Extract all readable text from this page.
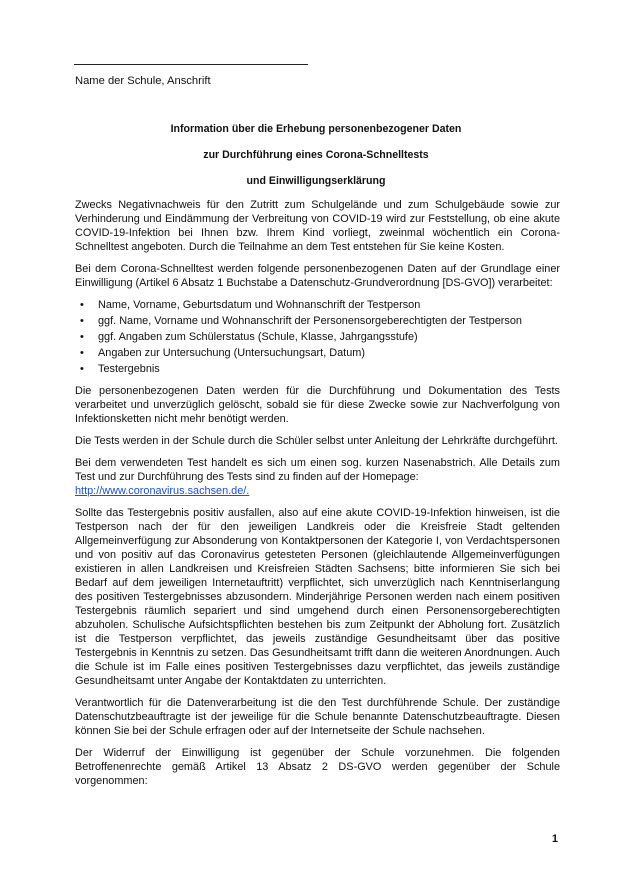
Name der Schule, Anschrift
Information über die Erhebung personenbezogener Daten
zur Durchführung eines Corona-Schnelltests
und Einwilligungserklärung

Zwecks Negativnachweis für den Zutritt zum Schulgelände und zum Schulgebäude sowie zur Verhinderung und Eindämmung der Verbreitung von COVID-19 wird zur Feststellung, ob eine akute COVID-19-Infektion bei Ihnen bzw. Ihrem Kind vorliegt, zweinmal wöchentlich ein Corona-Schnelltest angeboten. Durch die Teilnahme an dem Test entstehen für Sie keine Kosten.

Bei dem Corona-Schnelltest werden folgende personenbezogenen Daten auf der Grundlage einer Einwilligung (Artikel 6 Absatz 1 Buchstabe a Datenschutz-Grundverordnung [DS-GVO]) verarbeitet:

• Name, Vorname, Geburtsdatum und Wohnanschrift der Testperson
• ggf. Name, Vorname und Wohnanschrift der Personensorgeberechtigten der Testperson
• ggf. Angaben zum Schülerstatus (Schule, Klasse, Jahrgangsstufe)
• Angaben zur Untersuchung (Untersuchungsart, Datum)
• Testergebnis

Die personenbezogenen Daten werden für die Durchführung und Dokumentation des Tests verarbeitet und unverzüglich gelöscht, sobald sie für diese Zwecke sowie zur Nachverfolgung von Infektionsketten nicht mehr benötigt werden.

Die Tests werden in der Schule durch die Schüler selbst unter Anleitung der Lehrkräfte durchgeführt.

Bei dem verwendeten Test handelt es sich um einen sog. kurzen Nasenabstrich. Alle Details zum Test und zur Durchführung des Tests sind zu finden auf der Homepage:
http://www.coronavirus.sachsen.de/.

Sollte das Testergebnis positiv ausfallen, also auf eine akute COVID-19-Infektion hinweisen, ist die Testperson nach der für den jeweiligen Landkreis oder die Kreisfreie Stadt geltenden Allgemeinverfügung zur Absonderung von Kontaktpersonen der Kategorie I, von Verdachtspersonen und von positiv auf das Coronavirus getesteten Personen (gleichlautende Allgemeinverfügungen existieren in allen Landkreisen und Kreisfreien Städten Sachsens; bitte informieren Sie sich bei Bedarf auf dem jeweiligen Internetauftritt) verpflichtet, sich unverzüglich nach Kenntniserlangung des positiven Testergebnisses abzusondern. Minderjährige Personen werden nach einem positiven Testergebnis räumlich separiert und sind umgehend durch einen Personensorgeberechtigten abzuholen. Schulische Aufsichtspflichten bestehen bis zum Zeitpunkt der Abholung fort. Zusätzlich ist die Testperson verpflichtet, das jeweils zuständige Gesundheitsamt über das positive Testergebnis in Kenntnis zu setzen. Das Gesundheitsamt trifft dann die weiteren Anordnungen. Auch die Schule ist im Falle eines positiven Testergebnisses dazu verpflichtet, das jeweils zuständige Gesundheitsamt unter Angabe der Kontaktdaten zu unterrichten.

Verantwortlich für die Datenverarbeitung ist die den Test durchführende Schule. Der zuständige Datenschutzbeauftragte ist der jeweilige für die Schule benannte Datenschutzbeauftragte. Diesen können Sie bei der Schule erfragen oder auf der Internetseite der Schule nachsehen.

Der Widerruf der Einwilligung ist gegenüber der Schule vorzunehmen. Die folgenden Betroffenenrechte gemäß Artikel 13 Absatz 2 DS-GVO werden gegenüber der Schule vorgenommen:

1
